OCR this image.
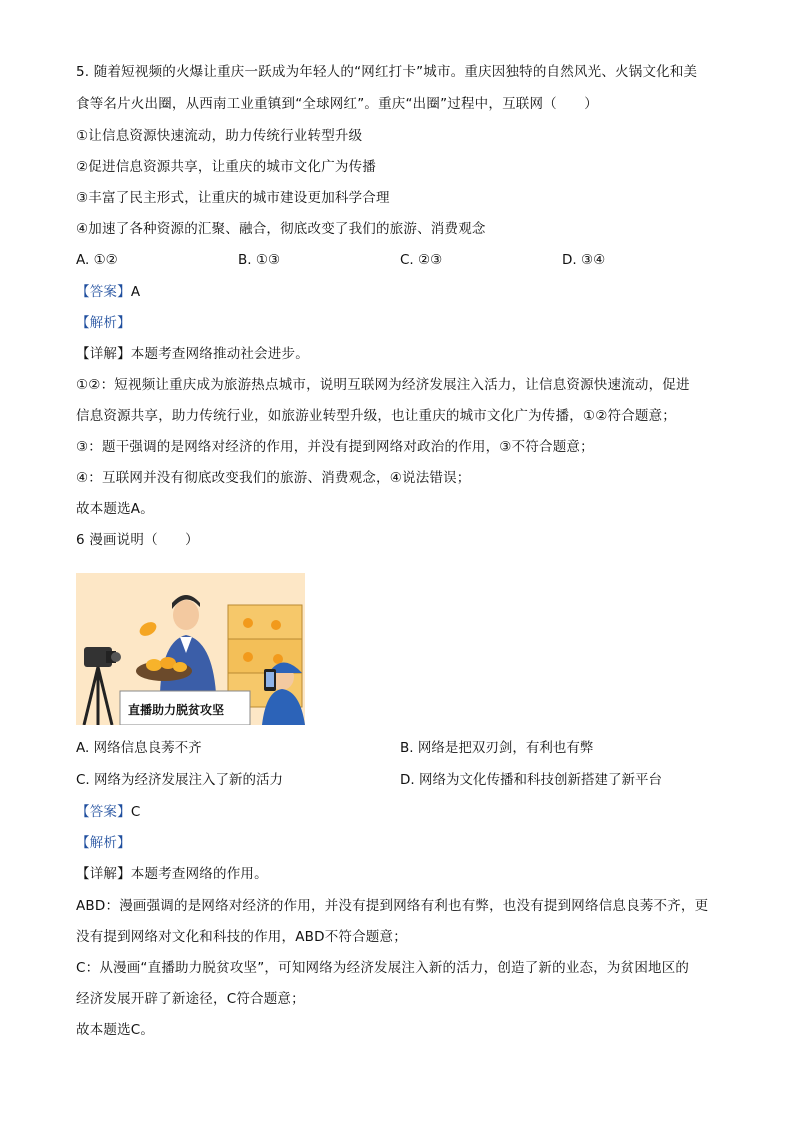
5. 随着短视频的火爆让重庆一跃成为年轻人的“网红打卡”城市。重庆因独特的自然风光、火锅文化和美
食等名片火出圈，从西南工业重镇到“全球网红”。重庆“出圈”过程中，互联网（　　）
①让信息资源快速流动，助力传统行业转型升级
②促进信息资源共享，让重庆的城市文化广为传播
③丰富了民主形式，让重庆的城市建设更加科学合理
④加速了各种资源的汇聚、融合，彻底改变了我们的旅游、消费观念
A. ①②	B. ①③	C. ②③	D. ③④
【答案】A
【解析】
【详解】本题考查网络推动社会进步。
①②：短视频让重庆成为旅游热点城市，说明互联网为经济发展注入活力，让信息资源快速流动，促进
信息资源共享，助力传统行业，如旅游业转型升级，也让重庆的城市文化广为传播，①②符合题意；
③：题干强调的是网络对经济的作用，并没有提到网络对政治的作用，③不符合题意；
④：互联网并没有彻底改变我们的旅游、消费观念，④说法错误；
故本题选A。
6 漫画说明（　　）
直播助力脱贫攻坚
A. 网络信息良莠不齐	B. 网络是把双刃剑，有利也有弊
C. 网络为经济发展注入了新的活力	D. 网络为文化传播和科技创新搭建了新平台
【答案】C
【解析】
【详解】本题考查网络的作用。
ABD：漫画强调的是网络对经济的作用，并没有提到网络有利也有弊，也没有提到网络信息良莠不齐，更
没有提到网络对文化和科技的作用，ABD不符合题意；
C：从漫画“直播助力脱贫攻坚”，可知网络为经济发展注入新的活力，创造了新的业态，为贫困地区的
经济发展开辟了新途径，C符合题意；
故本题选C。
